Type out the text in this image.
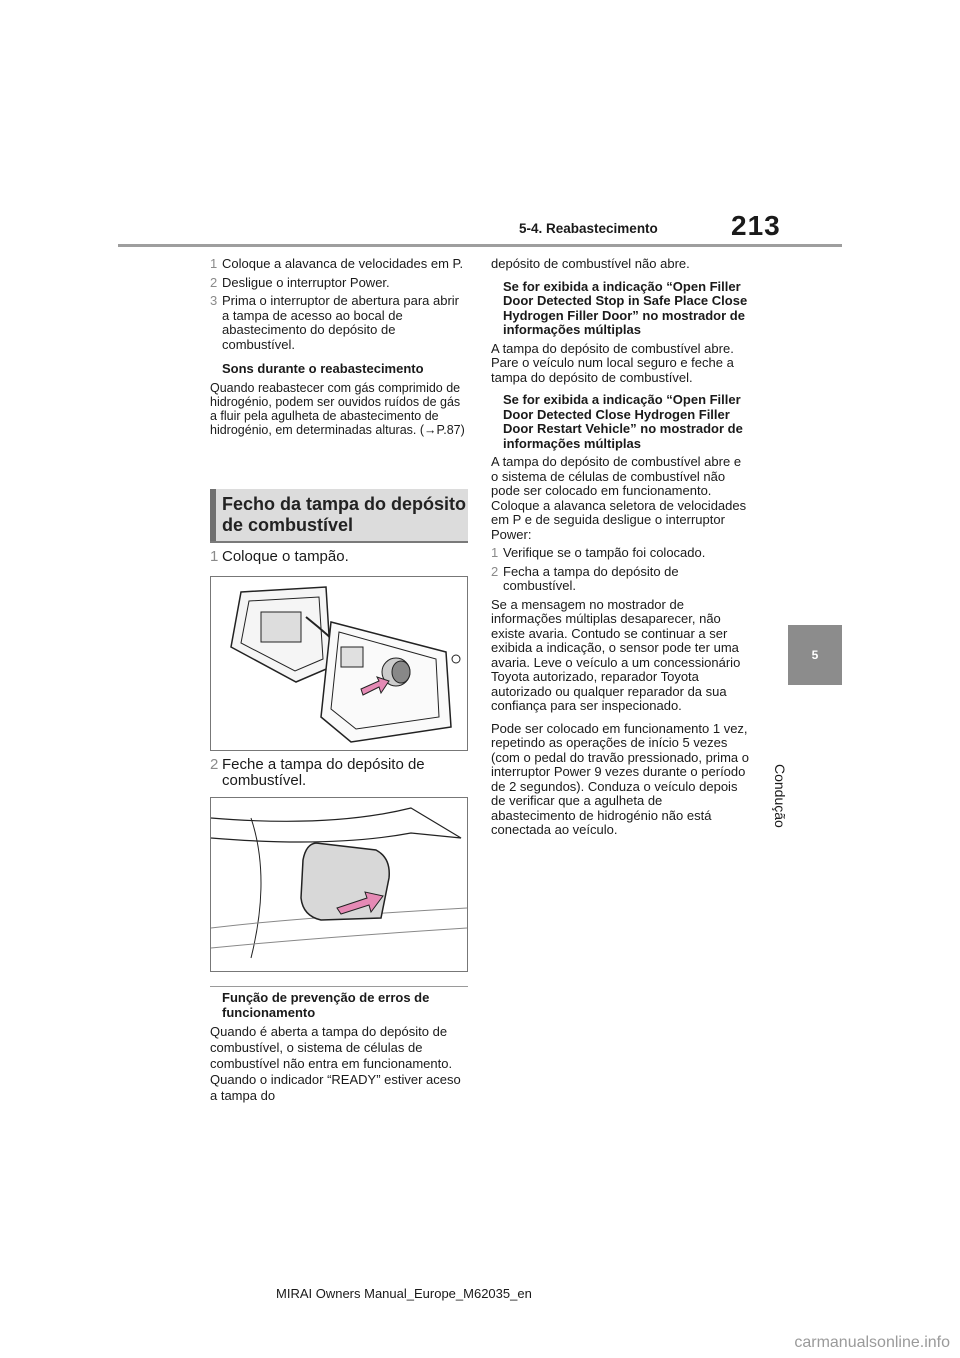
5-4. Reabastecimento	213
5
Condução
1 Coloque a alavanca de velocidades em P.
2 Desligue o interruptor Power.
3 Prima o interruptor de abertura para abrir a tampa de acesso ao bocal de abastecimento do depósito de combustível.
Sons durante o reabastecimento
Quando reabastecer com gás comprimido de hidrogénio, podem ser ouvidos ruídos de gás a fluir pela agulheta de abastecimento de hidrogénio, em determinadas alturas. (→P.87)
Fecho da tampa do depósito de combustível
1 Coloque o tampão.
2 Feche a tampa do depósito de combustível.
Função de prevenção de erros de funcionamento
Quando é aberta a tampa do depósito de combustível, o sistema de células de combustível não entra em funcionamento. Quando o indicador “READY” estiver aceso a tampa do
depósito de combustível não abre.
Se for exibida a indicação “Open Filler Door Detected Stop in Safe Place Close Hydrogen Filler Door” no mostrador de informações múltiplas
A tampa do depósito de combustível abre. Pare o veículo num local seguro e feche a tampa do depósito de combustível.
Se for exibida a indicação “Open Filler Door Detected Close Hydrogen Filler Door Restart Vehicle” no mostrador de informações múltiplas
A tampa do depósito de combustível abre e o sistema de células de combustível não pode ser colocado em funcionamento. Coloque a alavanca seletora de velocidades em P e de seguida desligue o interruptor Power:
1 Verifique se o tampão foi colocado.
2 Fecha a tampa do depósito de combustível.
Se a mensagem no mostrador de informações múltiplas desaparecer, não existe avaria. Contudo se continuar a ser exibida a indicação, o sensor pode ter uma avaria. Leve o veículo a um concessionário Toyota autorizado, reparador Toyota autorizado ou qualquer reparador da sua confiança para ser inspecionado.
Pode ser colocado em funcionamento 1 vez, repetindo as operações de início 5 vezes (com o pedal do travão pressionado, prima o interruptor Power 9 vezes durante o período de 2 segundos). Conduza o veículo depois de verificar que a agulheta de abastecimento de hidrogénio não está conectada ao veículo.
MIRAI Owners Manual_Europe_M62035_en
carmanualsonline.info
